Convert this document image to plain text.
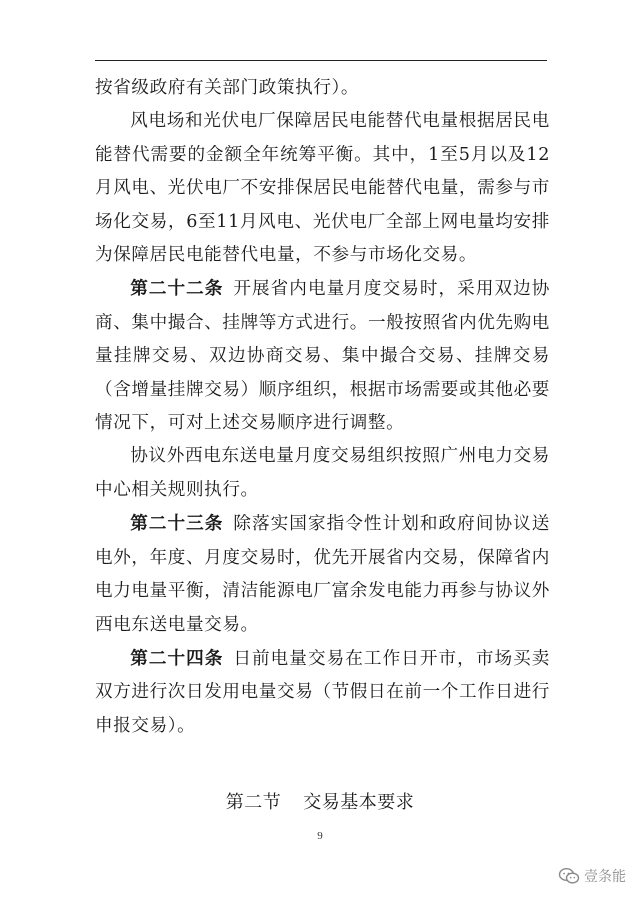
按省级政府有关部门政策执行）。

风电场和光伏电厂保障居民电能替代电量根据居民电能替代需要的金额全年统筹平衡。其中，1至5月以及12月风电、光伏电厂不安排保居民电能替代电量，需参与市场化交易，6至11月风电、光伏电厂全部上网电量均安排为保障居民电能替代电量，不参与市场化交易。

第二十二条  开展省内电量月度交易时，采用双边协商、集中撮合、挂牌等方式进行。一般按照省内优先购电量挂牌交易、双边协商交易、集中撮合交易、挂牌交易（含增量挂牌交易）顺序组织，根据市场需要或其他必要情况下，可对上述交易顺序进行调整。

协议外西电东送电量月度交易组织按照广州电力交易中心相关规则执行。

第二十三条  除落实国家指令性计划和政府间协议送电外，年度、月度交易时，优先开展省内交易，保障省内电力电量平衡，清洁能源电厂富余发电能力再参与协议外西电东送电量交易。

第二十四条  日前电量交易在工作日开市，市场买卖双方进行次日发用电量交易（节假日在前一个工作日进行申报交易）。

第二节 交易基本要求
9
壹条能
